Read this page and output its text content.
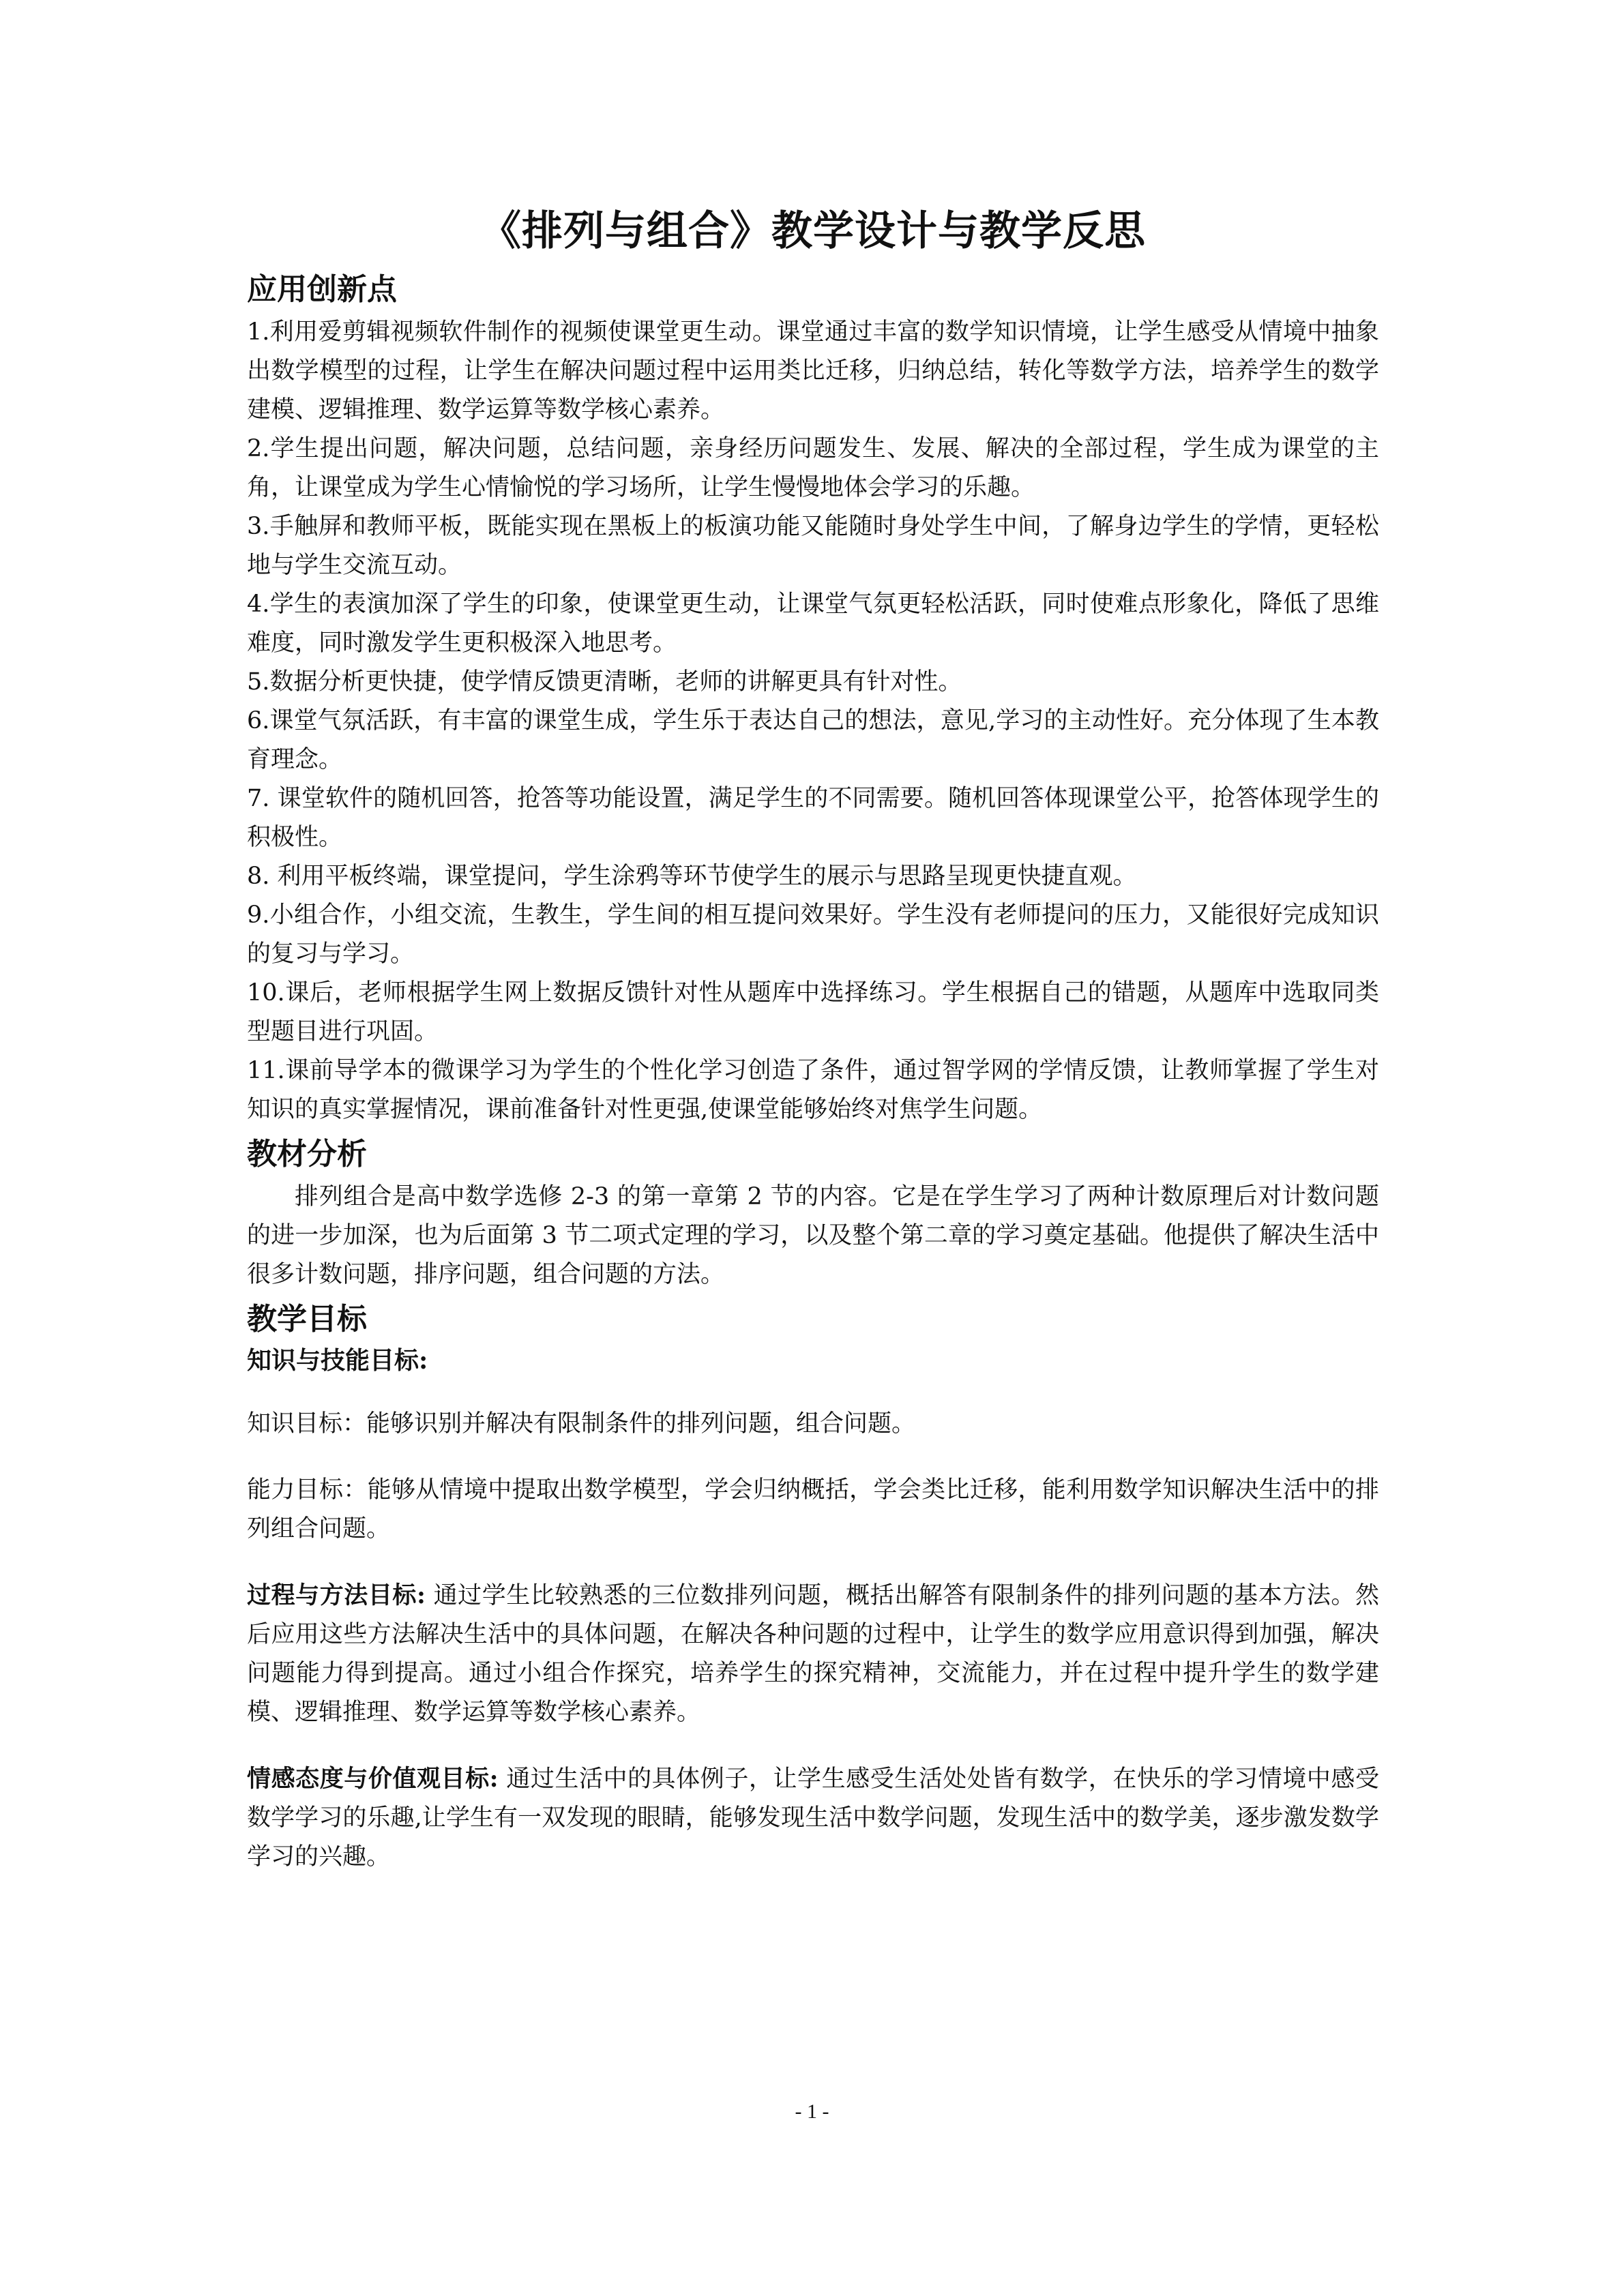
《排列与组合》教学设计与教学反思
应用创新点

1.利用爱剪辑视频软件制作的视频使课堂更生动。课堂通过丰富的数学知识情境，让学生感受从情境中抽象出数学模型的过程，让学生在解决问题过程中运用类比迁移，归纳总结，转化等数学方法，培养学生的数学建模、逻辑推理、数学运算等数学核心素养。

2.学生提出问题，解决问题，总结问题，亲身经历问题发生、发展、解决的全部过程，学生成为课堂的主角，让课堂成为学生心情愉悦的学习场所，让学生慢慢地体会学习的乐趣。

3.手触屏和教师平板，既能实现在黑板上的板演功能又能随时身处学生中间，了解身边学生的学情，更轻松地与学生交流互动。

4.学生的表演加深了学生的印象，使课堂更生动，让课堂气氛更轻松活跃，同时使难点形象化，降低了思维难度，同时激发学生更积极深入地思考。

5.数据分析更快捷，使学情反馈更清晰，老师的讲解更具有针对性。

6.课堂气氛活跃，有丰富的课堂生成，学生乐于表达自己的想法，意见,学习的主动性好。充分体现了生本教育理念。

7. 课堂软件的随机回答，抢答等功能设置，满足学生的不同需要。随机回答体现课堂公平，抢答体现学生的积极性。

8. 利用平板终端，课堂提问，学生涂鸦等环节使学生的展示与思路呈现更快捷直观。

9.小组合作，小组交流，生教生，学生间的相互提问效果好。学生没有老师提问的压力，又能很好完成知识的复习与学习。

10.课后，老师根据学生网上数据反馈针对性从题库中选择练习。学生根据自己的错题，从题库中选取同类型题目进行巩固。

11.课前导学本的微课学习为学生的个性化学习创造了条件，通过智学网的学情反馈，让教师掌握了学生对知识的真实掌握情况，课前准备针对性更强,使课堂能够始终对焦学生问题。

教材分析

排列组合是高中数学选修 2-3 的第一章第 2 节的内容。它是在学生学习了两种计数原理后对计数问题的进一步加深，也为后面第 3 节二项式定理的学习，以及整个第二章的学习奠定基础。他提供了解决生活中很多计数问题，排序问题，组合问题的方法。

教学目标
知识与技能目标:

知识目标：能够识别并解决有限制条件的排列问题，组合问题。

能力目标：能够从情境中提取出数学模型，学会归纳概括，学会类比迁移，能利用数学知识解决生活中的排列组合问题。

过程与方法目标: 通过学生比较熟悉的三位数排列问题，概括出解答有限制条件的排列问题的基本方法。然后应用这些方法解决生活中的具体问题，在解决各种问题的过程中，让学生的数学应用意识得到加强，解决问题能力得到提高。通过小组合作探究，培养学生的探究精神，交流能力，并在过程中提升学生的数学建模、逻辑推理、数学运算等数学核心素养。

情感态度与价值观目标: 通过生活中的具体例子，让学生感受生活处处皆有数学，在快乐的学习情境中感受数学学习的乐趣,让学生有一双发现的眼睛，能够发现生活中数学问题，发现生活中的数学美，逐步激发数学学习的兴趣。

- 1 -
